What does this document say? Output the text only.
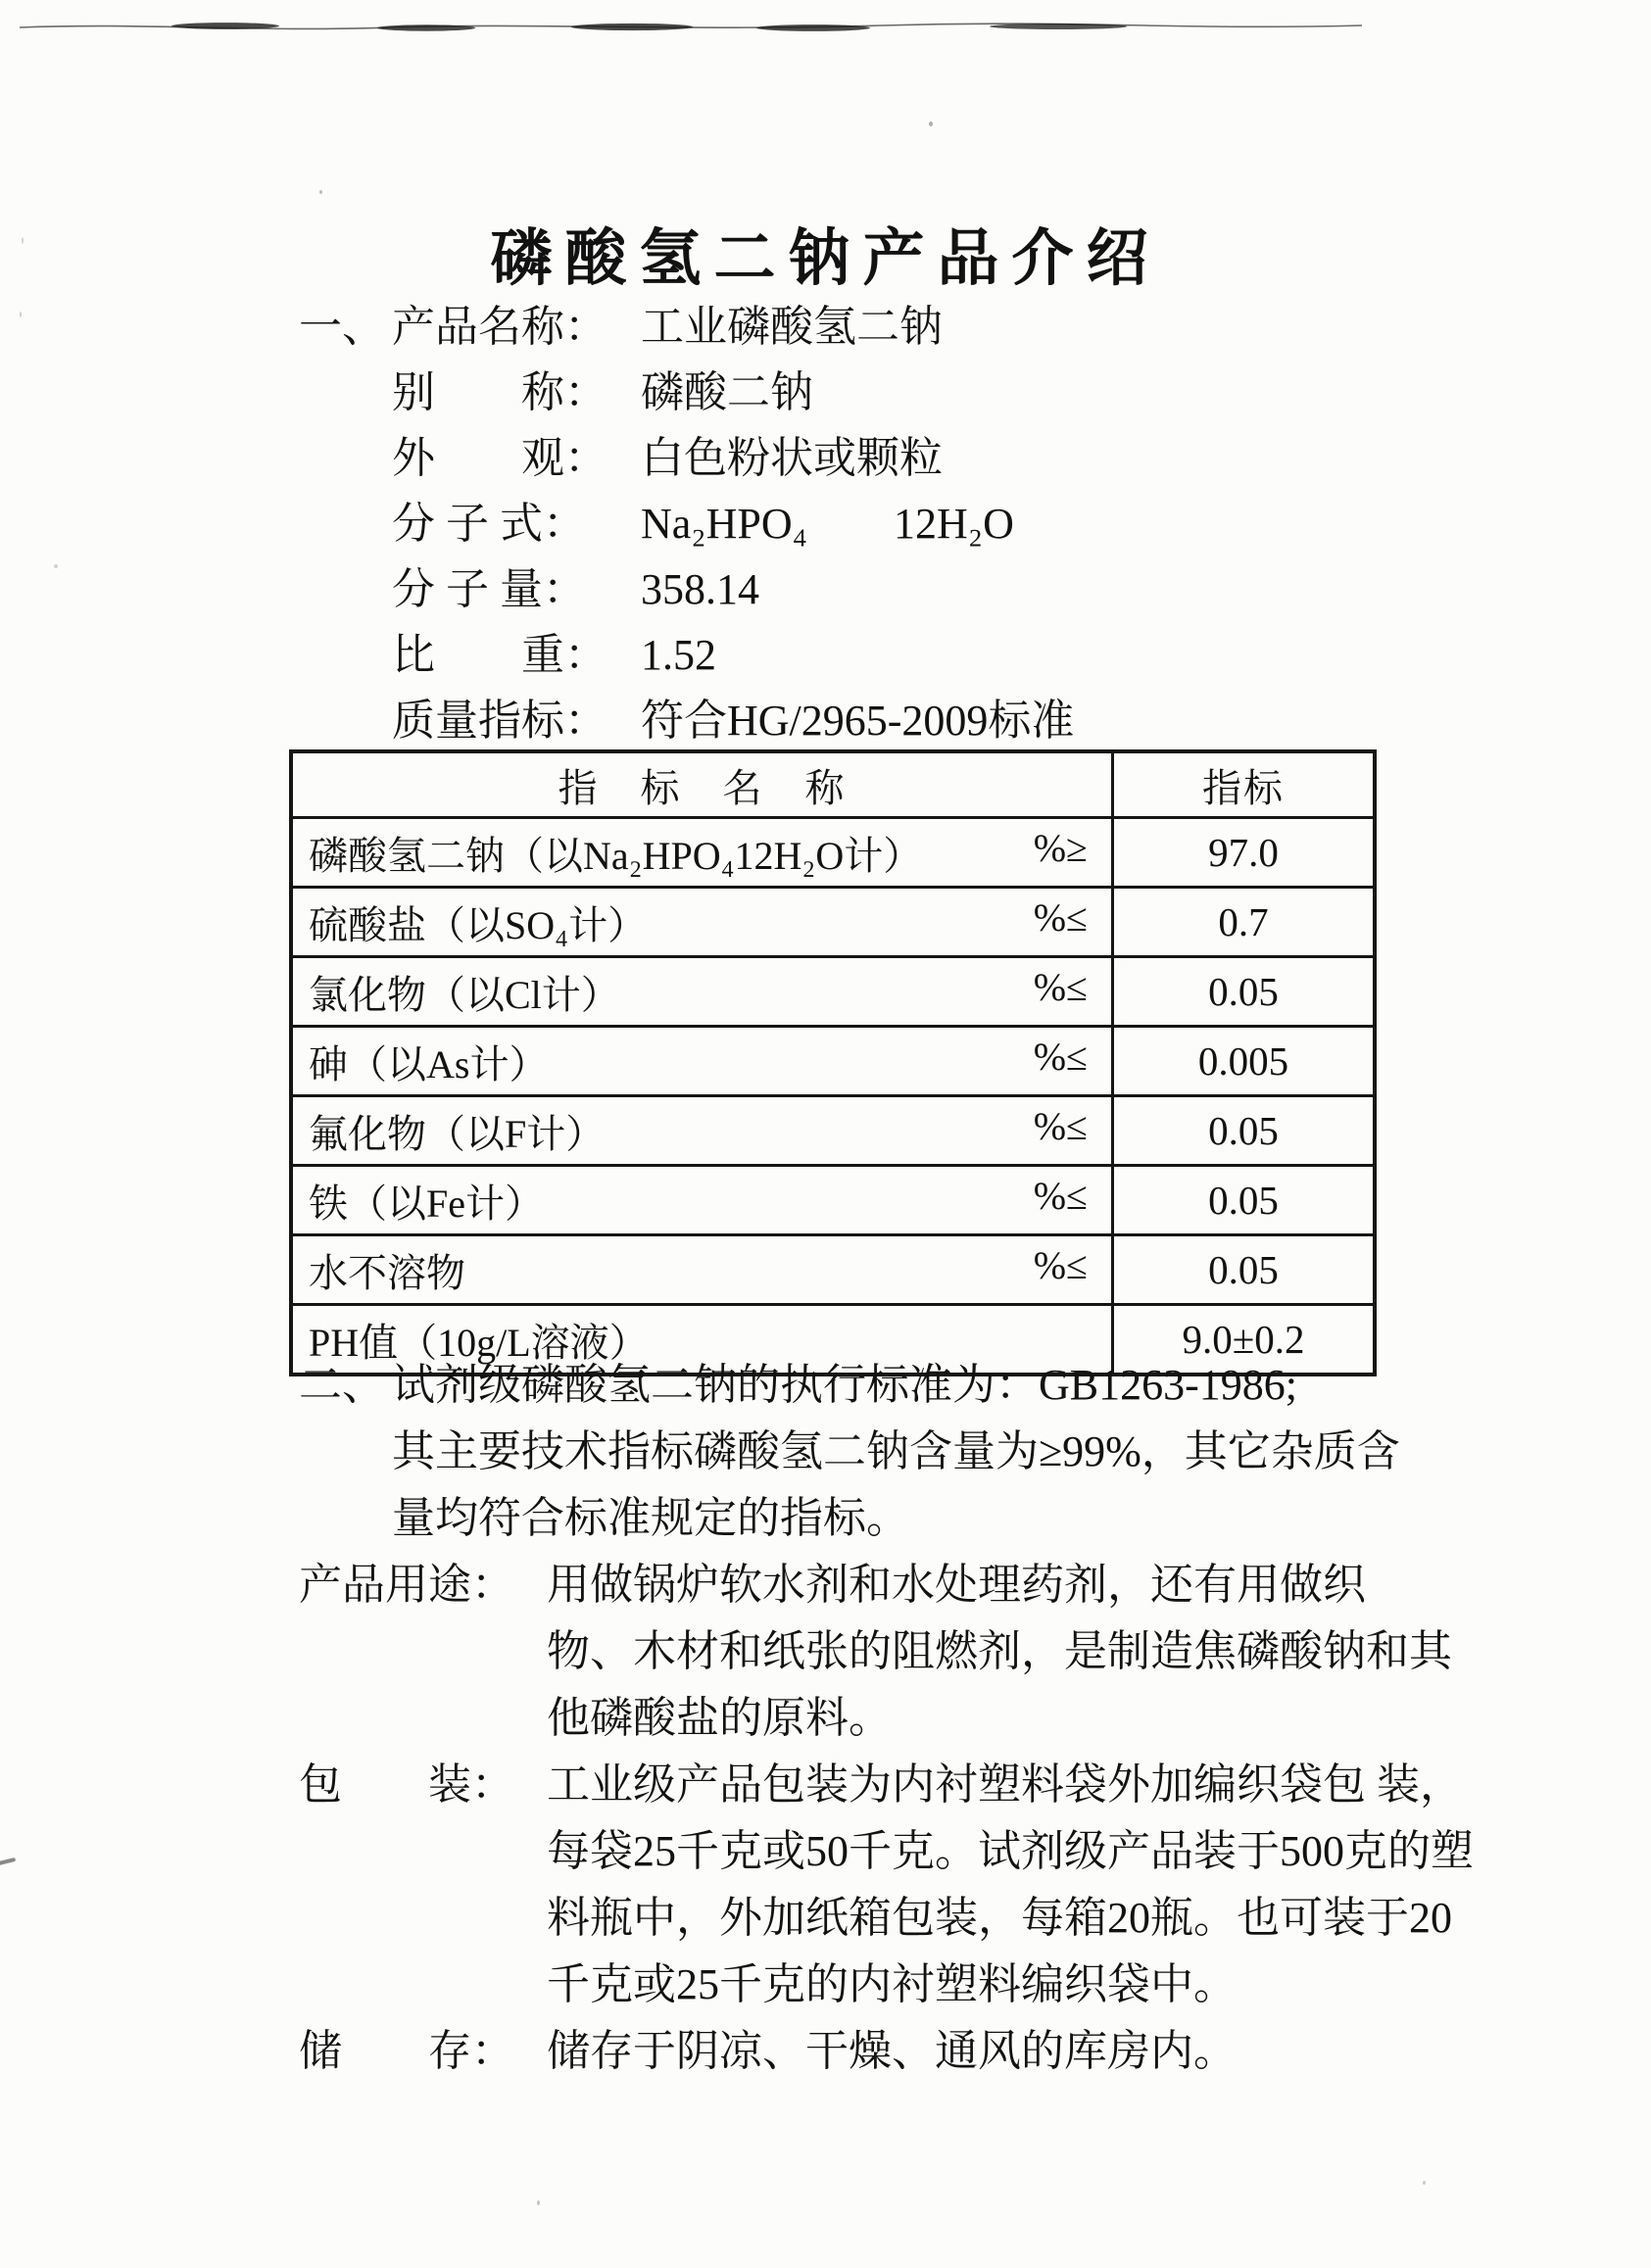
磷酸氢二钠产品介绍
一、 产品名称： 工业磷酸氢二钠
别　　称： 磷酸二钠
外　　观： 白色粉状或颗粒
分 子 式： Na₂HPO₄　　12H₂O
分 子 量： 358.14
比　　重： 1.52
质量指标： 符合HG/2965-2009标准
指　标　名　称	指标

磷酸氢二钠（以Na₂HPO₄12H₂O计） %≥	97.0

硫酸盐（以SO₄计） %≤	0.7

氯化物（以Cl计） %≤	0.05

砷（以As计） %≤	0.005

氟化物（以F计） %≤	0.05

铁（以Fe计） %≤	0.05

水不溶物 %≤	0.05

PH值（10g/L溶液）	9.0±0.2
二、 试剂级磷酸氢二钠的执行标准为：GB1263-1986;
其主要技术指标磷酸氢二钠含量为≥99%，其它杂质含
量均符合标准规定的指标。
产品用途： 用做锅炉软水剂和水处理药剂，还有用做织
物、木材和纸张的阻燃剂，是制造焦磷酸钠和其
他磷酸盐的原料。
包　　装： 工业级产品包装为内衬塑料袋外加编织袋包 装，
每袋25千克或50千克。试剂级产品装于500克的塑
料瓶中，外加纸箱包装，每箱20瓶。也可装于20
千克或25千克的内衬塑料编织袋中。
储　　存： 储存于阴凉、干燥、通风的库房内。
